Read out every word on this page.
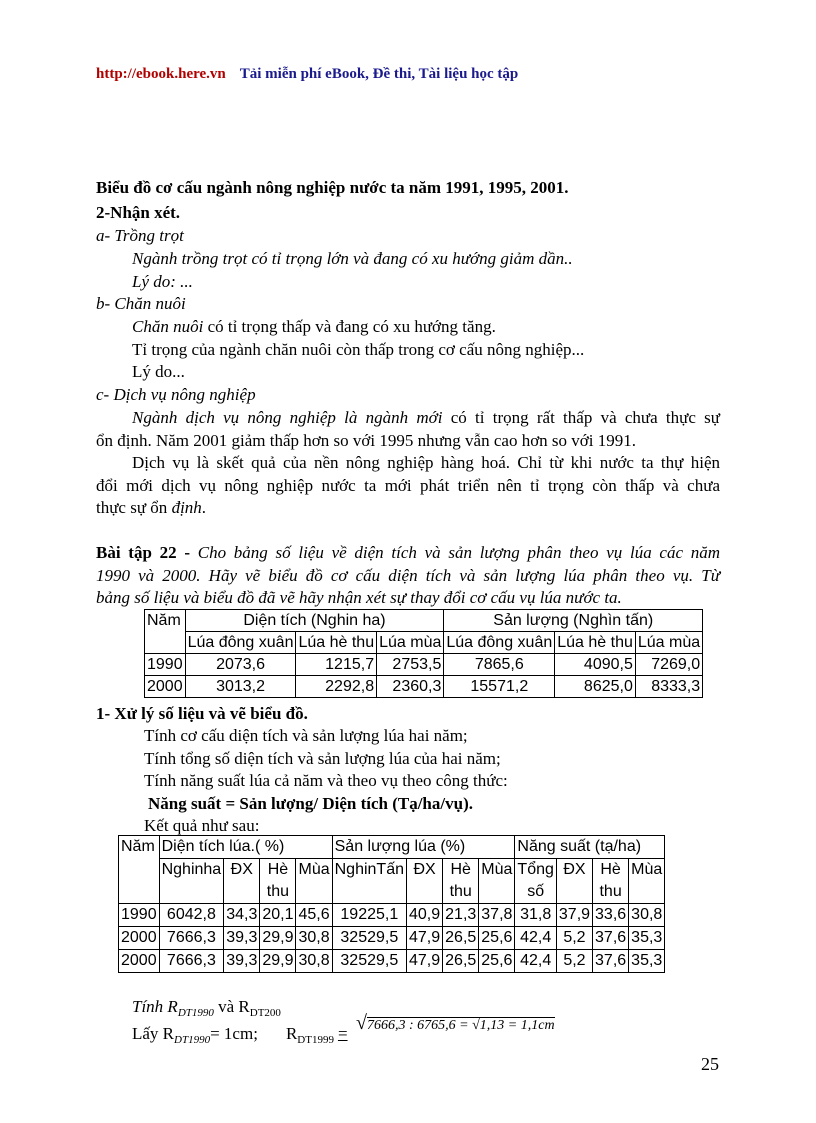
http://ebook.here.vn Tải miễn phí eBook, Đề thi, Tài liệu học tập
Biểu đồ cơ cấu ngành nông nghiệp nước ta năm 1991, 1995, 2001.
2-Nhận xét.
a- Trồng trọt
Ngành trồng trọt có tỉ trọng lớn và đang có xu hướng giảm dần..
Lý do: ...
b- Chăn nuôi
Chăn nuôi có tỉ trọng thấp và đang có xu hướng tăng.
Tỉ trọng của ngành chăn nuôi còn thấp trong cơ cấu nông nghiệp...
Lý do...
c- Dịch vụ nông nghiệp
Ngành dịch vụ nông nghiệp là ngành mới có tỉ trọng rất thấp và chưa thực sự
ổn định. Năm 2001 giảm thấp hơn so với 1995 nhưng vẫn cao hơn so với 1991.
Dịch vụ là skết quả của nền nông nghiệp hàng hoá. Chỉ từ khi nước ta thự hiện
đổi mới dịch vụ nông nghiệp nước ta mới phát triển nên tỉ trọng còn thấp và chưa
thực sự ổn định.
Bài tập 22 - Cho bảng số liệu về diện tích và sản lượng phân theo vụ lúa các năm
1990 và 2000. Hãy vẽ biểu đồ cơ cấu diện tích và sản lượng lúa phân theo vụ. Từ
bảng số liệu và biểu đồ đã vẽ hãy nhận xét sự thay đổi cơ cấu vụ lúa nước ta.
Năm	Diện tích (Nghin ha)			Sản lượng (Nghìn tấn)		
	Lúa đông xuân	Lúa hè thu	Lúa mùa	Lúa đông xuân	Lúa hè thu	Lúa mùa
1990	2073,6	1215,7	2753,5	7865,6	4090,5	7269,0
2000	3013,2	2292,8	2360,3	15571,2	8625,0	8333,3
1- Xử lý số liệu và vẽ biểu đồ.
Tính cơ cấu diện tích và sản lượng lúa hai năm;
Tính tổng số diện tích và sản lượng lúa của hai năm;
Tính năng suất lúa cả năm và theo vụ theo công thức:
Năng suất = Sản lượng/ Diện tích (Tạ/ha/vụ).
Kết quả như sau:
Năm	Diện tích lúa.( %)				Sản lượng lúa (%)				Năng suất (tạ/ha)			
	Nghinha	ĐX	Hè	Mùa	NghinTấn	ĐX	Hè	Mùa	Tổng	ĐX	Hè	Mùa
			thu				thu		số		thu	
1990	6042,8	34,3	20,1	45,6	19225,1	40,9	21,3	37,8	31,8	37,9	33,6	30,8
2000	7666,3	39,3	29,9	30,8	32529,5	47,9	26,5	25,6	42,4	5,2	37,6	35,3
2000	7666,3	39,3	29,9	30,8	32529,5	47,9	26,5	25,6	42,4	5,2	37,6	35,3
Tính $R_{DT1990}$ và $R_{DT200}$
Lấy $R_{DT1990}= 1cm$; $R_{DT1999} = √7666,3$ : 6765,6 = √1,13 = 1,1cm
25
